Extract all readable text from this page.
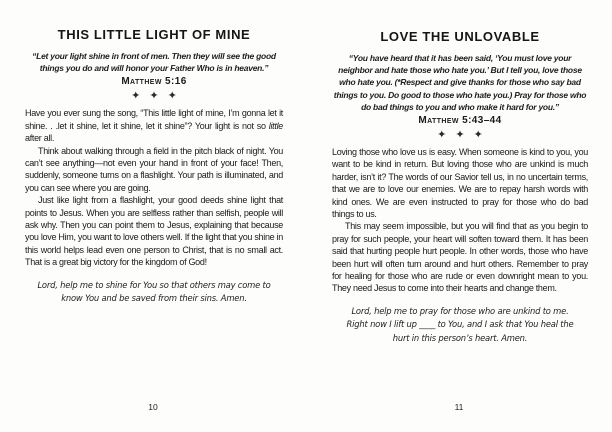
THIS LITTLE LIGHT OF MINE
“Let your light shine in front of men. Then they will see the good things you do and will honor your Father Who is in heaven.”
Matthew 5:16
✦ ✦ ✦

Have you ever sung the song, “This little light of mine, I’m gonna let it shine. . .let it shine, let it shine, let it shine”? Your light is not so little after all.

Think about walking through a field in the pitch black of night. You can’t see anything—not even your hand in front of your face! Then, suddenly, someone turns on a flashlight. Your path is illuminated, and you can see where you are going.

Just like light from a flashlight, your good deeds shine light that points to Jesus. When you are selfless rather than selfish, people will ask why. Then you can point them to Jesus, explaining that because you love Him, you want to love others well. If the light that you shine in this world helps lead even one person to Christ, that is no small act. That is a great big victory for the kingdom of God!

Lord, help me to shine for You so that others may come to know You and be saved from their sins. Amen.
10
LOVE THE UNLOVABLE
“You have heard that it has been said, ‘You must love your neighbor and hate those who hate you.’ But I tell you, love those who hate you. (*Respect and give thanks for those who say bad things to you. Do good to those who hate you.) Pray for those who do bad things to you and who make it hard for you.”
Matthew 5:43–44
✦ ✦ ✦

Loving those who love us is easy. When someone is kind to you, you want to be kind in return. But loving those who are unkind is much harder, isn’t it? The words of our Savior tell us, in no uncertain terms, that we are to love our enemies. We are to repay harsh words with kind ones. We are even instructed to pray for those who do bad things to us.

This may seem impossible, but you will find that as you begin to pray for such people, your heart will soften toward them. It has been said that hurting people hurt people. In other words, those who have been hurt will often turn around and hurt others. Remember to pray for healing for those who are rude or even downright mean to you. They need Jesus to come into their hearts and change them.

Lord, help me to pray for those who are unkind to me. Right now I lift up ____ to You, and I ask that You heal the hurt in this person’s heart. Amen.
11
